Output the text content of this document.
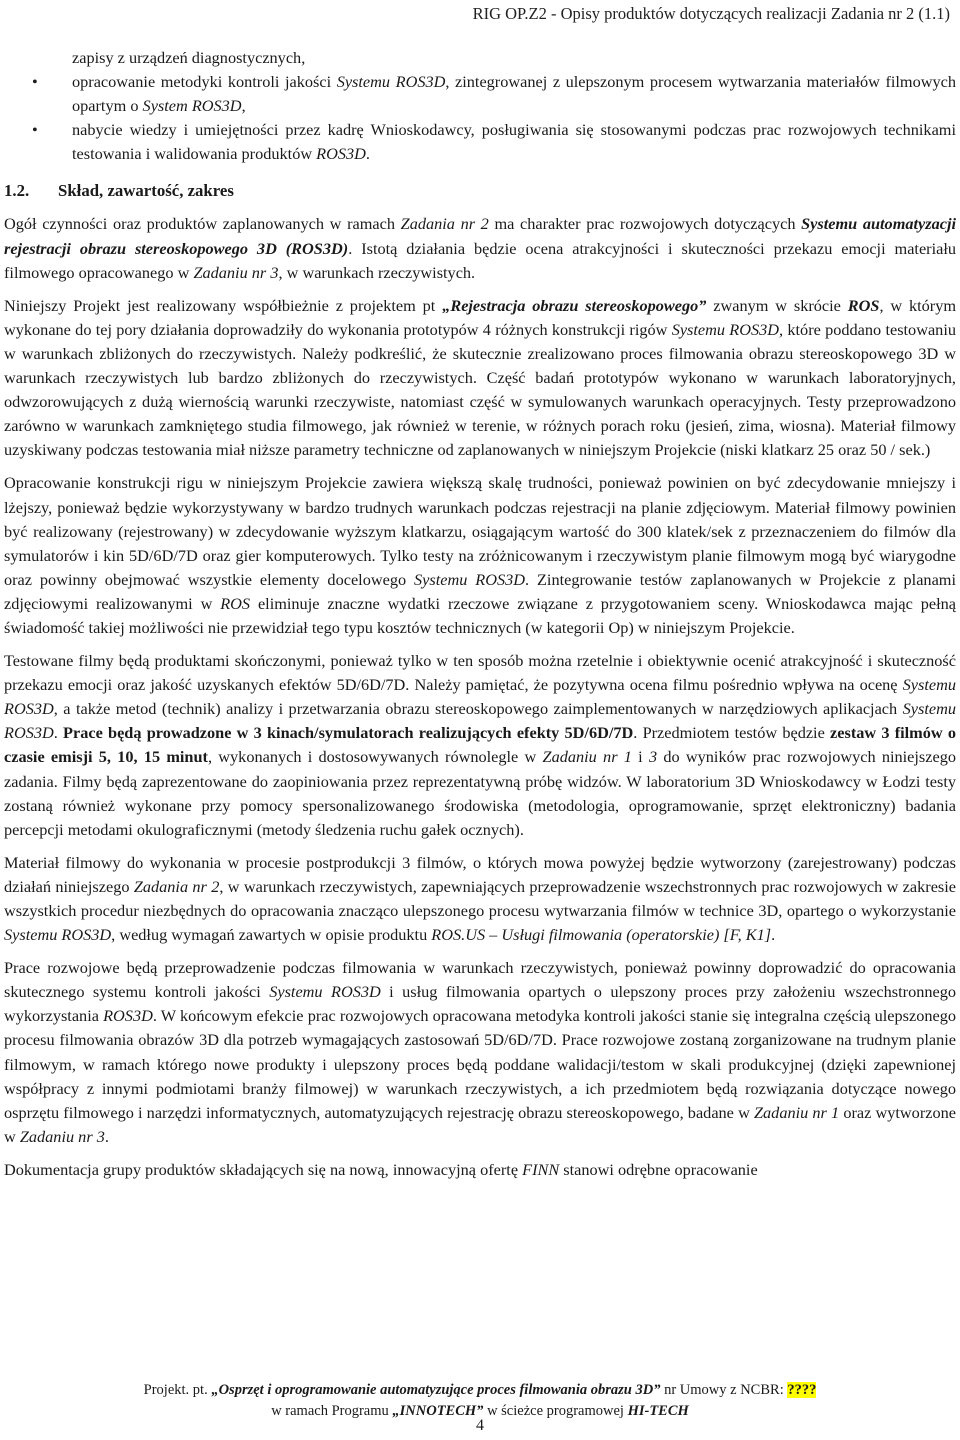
RIG OP.Z2 - Opisy produktów dotyczących realizacji Zadania nr 2 (1.1)
zapisy z urządzeń diagnostycznych,
• opracowanie metodyki kontroli jakości Systemu ROS3D, zintegrowanej z ulepszonym procesem wytwarzania materiałów filmowych opartym o System ROS3D,
• nabycie wiedzy i umiejętności przez kadrę Wnioskodawcy, posługiwania się stosowanymi podczas prac rozwojowych technikami testowania i walidowania produktów ROS3D.
1.2. Skład, zawartość, zakres

Ogół czynności oraz produktów zaplanowanych w ramach Zadania nr 2 ma charakter prac rozwojowych dotyczących Systemu automatyzacji rejestracji obrazu stereoskopowego 3D (ROS3D). Istotą działania będzie ocena atrakcyjności i skuteczności przekazu emocji materiału filmowego opracowanego w Zadaniu nr 3, w warunkach rzeczywistych.

Niniejszy Projekt jest realizowany współbieżnie z projektem pt „Rejestracja obrazu stereoskopowego” zwanym w skrócie ROS, w którym wykonane do tej pory działania doprowadziły do wykonania prototypów 4 różnych konstrukcji rigów Systemu ROS3D, które poddano testowaniu w warunkach zbliżonych do rzeczywistych. Należy podkreślić, że skutecznie zrealizowano proces filmowania obrazu stereoskopowego 3D w warunkach rzeczywistych lub bardzo zbliżonych do rzeczywistych. Część badań prototypów wykonano w warunkach laboratoryjnych, odwzorowujących z dużą wiernością warunki rzeczywiste, natomiast część w symulowanych warunkach operacyjnych. Testy przeprowadzono zarówno w warunkach zamkniętego studia filmowego, jak również w terenie, w różnych porach roku (jesień, zima, wiosna). Materiał filmowy uzyskiwany podczas testowania miał niższe parametry techniczne od zaplanowanych w niniejszym Projekcie (niski klatkarz 25 oraz 50 / sek.)

Opracowanie konstrukcji rigu w niniejszym Projekcie zawiera większą skalę trudności, ponieważ powinien on być zdecydowanie mniejszy i lżejszy, ponieważ będzie wykorzystywany w bardzo trudnych warunkach podczas rejestracji na planie zdjęciowym. Materiał filmowy powinien być realizowany (rejestrowany) w zdecydowanie wyższym klatkarzu, osiągającym wartość do 300 klatek/sek z przeznaczeniem do filmów dla symulatorów i kin 5D/6D/7D oraz gier komputerowych. Tylko testy na zróżnicowanym i rzeczywistym planie filmowym mogą być wiarygodne oraz powinny obejmować wszystkie elementy docelowego Systemu ROS3D. Zintegrowanie testów zaplanowanych w Projekcie z planami zdjęciowymi realizowanymi w ROS eliminuje znaczne wydatki rzeczowe związane z przygotowaniem sceny. Wnioskodawca mając pełną świadomość takiej możliwości nie przewidział tego typu kosztów technicznych (w kategorii Op) w niniejszym Projekcie.

Testowane filmy będą produktami skończonymi, ponieważ tylko w ten sposób można rzetelnie i obiektywnie ocenić atrakcyjność i skuteczność przekazu emocji oraz jakość uzyskanych efektów 5D/6D/7D. Należy pamiętać, że pozytywna ocena filmu pośrednio wpływa na ocenę Systemu ROS3D, a także metod (technik) analizy i przetwarzania obrazu stereoskopowego zaimplementowanych w narzędziowych aplikacjach Systemu ROS3D. Prace będą prowadzone w 3 kinach/symulatorach realizujących efekty 5D/6D/7D. Przedmiotem testów będzie zestaw 3 filmów o czasie emisji 5, 10, 15 minut, wykonanych i dostosowywanych równolegle w Zadaniu nr 1 i 3 do wyników prac rozwojowych niniejszego zadania. Filmy będą zaprezentowane do zaopiniowania przez reprezentatywną próbę widzów. W laboratorium 3D Wnioskodawcy w Łodzi testy zostaną również wykonane przy pomocy spersonalizowanego środowiska (metodologia, oprogramowanie, sprzęt elektroniczny) badania percepcji metodami okulograficznymi (metody śledzenia ruchu gałek ocznych).

Materiał filmowy do wykonania w procesie postprodukcji 3 filmów, o których mowa powyżej będzie wytworzony (zarejestrowany) podczas działań niniejszego Zadania nr 2, w warunkach rzeczywistych, zapewniających przeprowadzenie wszechstronnych prac rozwojowych w zakresie wszystkich procedur niezbędnych do opracowania znacząco ulepszonego procesu wytwarzania filmów w technice 3D, opartego o wykorzystanie Systemu ROS3D, według wymagań zawartych w opisie produktu ROS.US – Usługi filmowania (operatorskie) [F, K1].

Prace rozwojowe będą przeprowadzenie podczas filmowania w warunkach rzeczywistych, ponieważ powinny doprowadzić do opracowania skutecznego systemu kontroli jakości Systemu ROS3D i usług filmowania opartych o ulepszony proces przy założeniu wszechstronnego wykorzystania ROS3D. W końcowym efekcie prac rozwojowych opracowana metodyka kontroli jakości stanie się integralna częścią ulepszonego procesu filmowania obrazów 3D dla potrzeb wymagających zastosowań 5D/6D/7D. Prace rozwojowe zostaną zorganizowane na trudnym planie filmowym, w ramach którego nowe produkty i ulepszony proces będą poddane walidacji/testom w skali produkcyjnej (dzięki zapewnionej współpracy z innymi podmiotami branży filmowej) w warunkach rzeczywistych, a ich przedmiotem będą rozwiązania dotyczące nowego osprzętu filmowego i narzędzi informatycznych, automatyzujących rejestrację obrazu stereoskopowego, badane w Zadaniu nr 1 oraz wytworzone w Zadaniu nr 3.

Dokumentacja grupy produktów składających się na nową, innowacyjną ofertę FINN stanowi odrębne opracowanie

Projekt. pt. „Osprzęt i oprogramowanie automatyzujące proces filmowania obrazu 3D” nr Umowy z NCBR: ????
w ramach Programu „INNOTECH” w ścieżce programowej HI-TECH
4
